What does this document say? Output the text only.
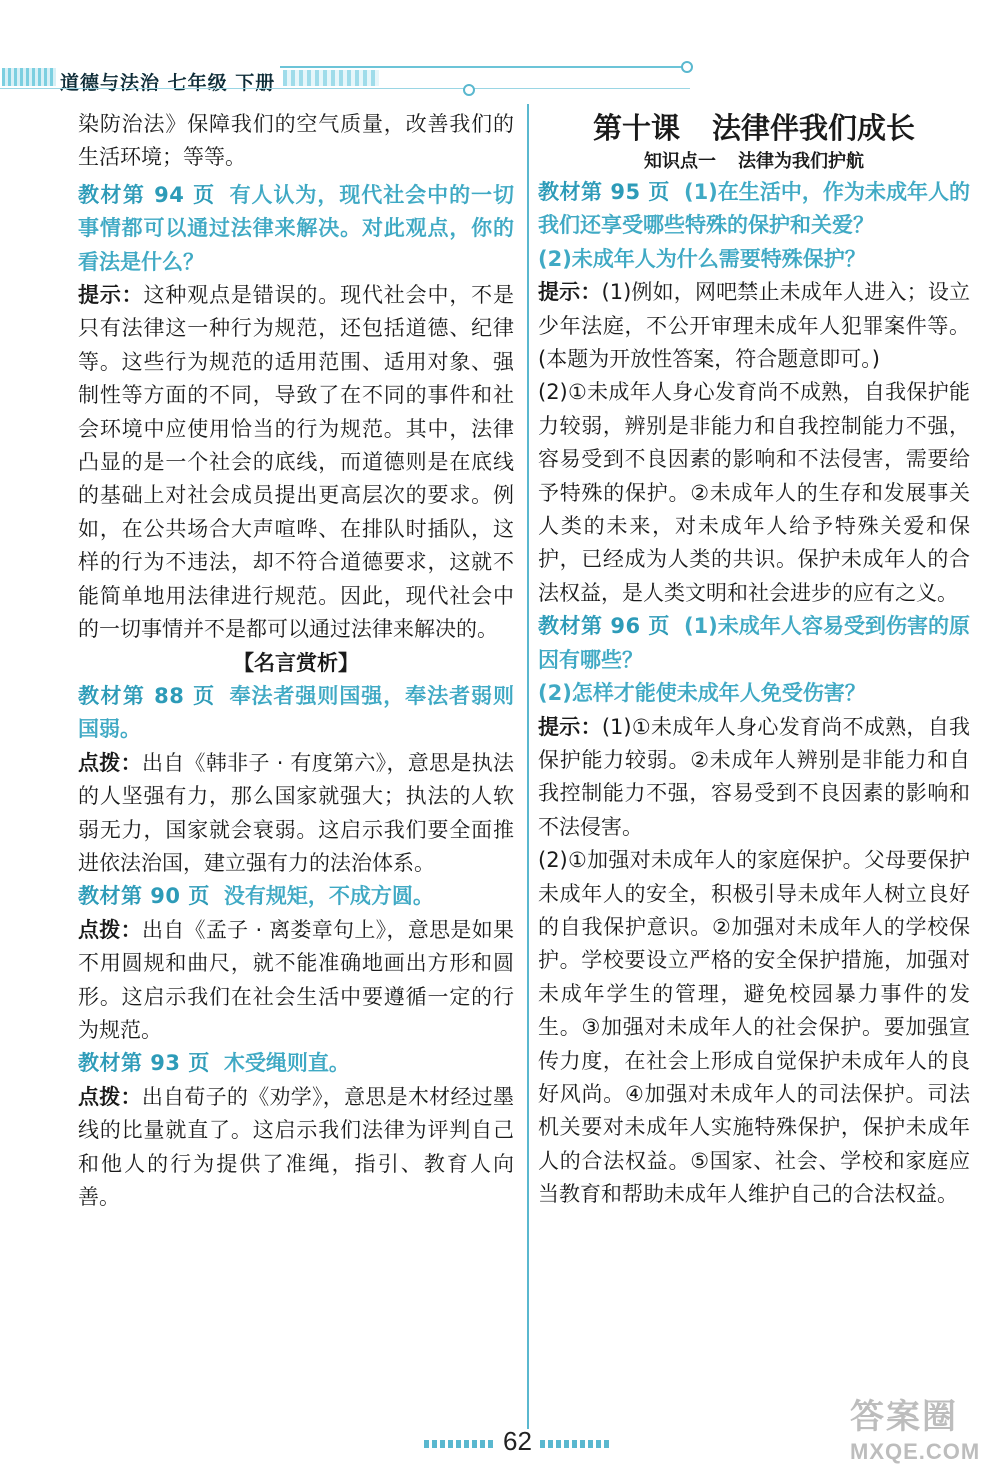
道德与法治 七年级 下册

染防治法》保障我们的空气质量，改善我们的生活环境；等等。

教材第 94 页 有人认为，现代社会中的一切事情都可以通过法律来解决。对此观点，你的看法是什么？

提示：这种观点是错误的。现代社会中，不是只有法律这一种行为规范，还包括道德、纪律等。这些行为规范的适用范围、适用对象、强制性等方面的不同，导致了在不同的事件和社会环境中应使用恰当的行为规范。其中，法律凸显的是一个社会的底线，而道德则是在底线的基础上对社会成员提出更高层次的要求。例如，在公共场合大声喧哗、在排队时插队，这样的行为不违法，却不符合道德要求，这就不能简单地用法律进行规范。因此，现代社会中的一切事情并不是都可以通过法律来解决的。

【名言赏析】

教材第 88 页 奉法者强则国强，奉法者弱则国弱。

点拨：出自《韩非子 · 有度第六》，意思是执法的人坚强有力，那么国家就强大；执法的人软弱无力，国家就会衰弱。这启示我们要全面推进依法治国，建立强有力的法治体系。

教材第 90 页 没有规矩，不成方圆。

点拨：出自《孟子 · 离娄章句上》，意思是如果不用圆规和曲尺，就不能准确地画出方形和圆形。这启示我们在社会生活中要遵循一定的行为规范。

教材第 93 页 木受绳则直。

点拨：出自荀子的《劝学》，意思是木材经过墨线的比量就直了。这启示我们法律为评判自己和他人的行为提供了准绳，指引、教育人向善。

第十课 法律伴我们成长

知识点一 法律为我们护航

教材第 95 页 (1)在生活中，作为未成年人的我们还享受哪些特殊的保护和关爱？

(2)未成年人为什么需要特殊保护？

提示：(1)例如，网吧禁止未成年人进入；设立少年法庭，不公开审理未成年人犯罪案件等。(本题为开放性答案，符合题意即可。)

(2)①未成年人身心发育尚不成熟，自我保护能力较弱，辨别是非能力和自我控制能力不强，容易受到不良因素的影响和不法侵害，需要给予特殊的保护。②未成年人的生存和发展事关人类的未来，对未成年人给予特殊关爱和保护，已经成为人类的共识。保护未成年人的合法权益，是人类文明和社会进步的应有之义。

教材第 96 页 (1)未成年人容易受到伤害的原因有哪些？

(2)怎样才能使未成年人免受伤害？

提示：(1)①未成年人身心发育尚不成熟，自我保护能力较弱。②未成年人辨别是非能力和自我控制能力不强，容易受到不良因素的影响和不法侵害。

(2)①加强对未成年人的家庭保护。父母要保护未成年人的安全，积极引导未成年人树立良好的自我保护意识。②加强对未成年人的学校保护。学校要设立严格的安全保护措施，加强对未成年学生的管理，避免校园暴力事件的发生。③加强对未成年人的社会保护。要加强宣传力度，在社会上形成自觉保护未成年人的良好风尚。④加强对未成年人的司法保护。司法机关要对未成年人实施特殊保护，保护未成年人的合法权益。⑤国家、社会、学校和家庭应当教育和帮助未成年人维护自己的合法权益。

62
答案圈
MXQE.COM
